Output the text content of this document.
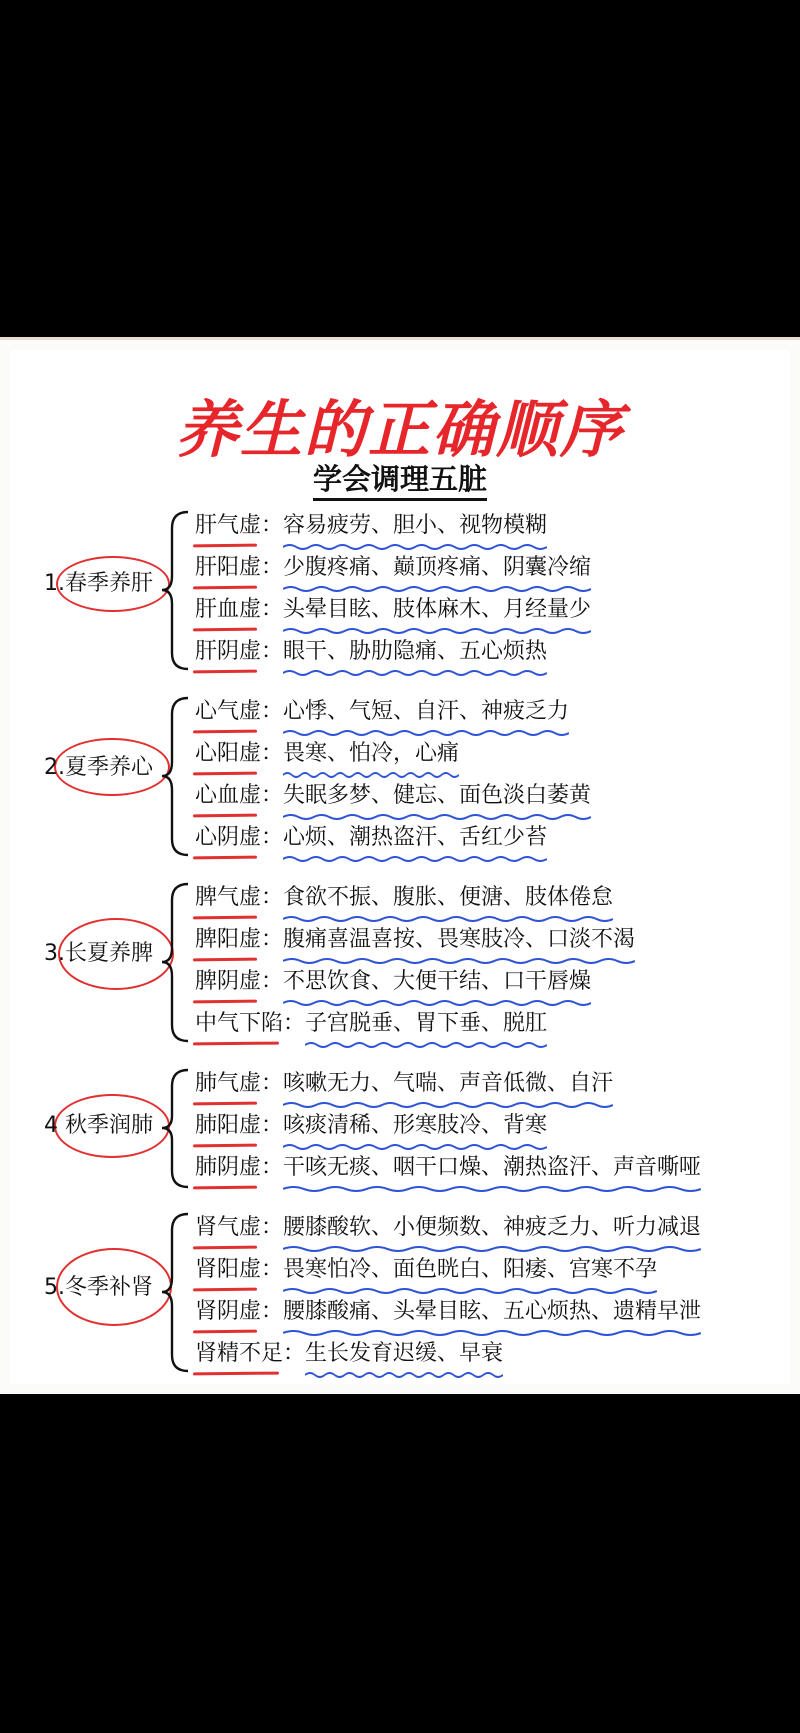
养生的正确顺序
学会调理五脏
1.春季养肝
肝气虚：容易疲劳、胆小、视物模糊
肝阳虚：少腹疼痛、巅顶疼痛、阴囊冷缩
肝血虚：头晕目眩、肢体麻木、月经量少
肝阴虚：眼干、胁肋隐痛、五心烦热
2.夏季养心
心气虚：心悸、气短、自汗、神疲乏力
心阳虚：畏寒、怕冷，心痛
心血虚：失眠多梦、健忘、面色淡白萎黄
心阴虚：心烦、潮热盗汗、舌红少苔
3.长夏养脾
脾气虚：食欲不振、腹胀、便溏、肢体倦怠
脾阳虚：腹痛喜温喜按、畏寒肢冷、口淡不渴
脾阴虚：不思饮食、大便干结、口干唇燥
中气下陷：子宫脱垂、胃下垂、脱肛
4 秋季润肺
肺气虚：咳嗽无力、气喘、声音低微、自汗
肺阳虚：咳痰清稀、形寒肢冷、背寒
肺阴虚：干咳无痰、咽干口燥、潮热盗汗、声音嘶哑
5.冬季补肾
肾气虚：腰膝酸软、小便频数、神疲乏力、听力减退
肾阳虚：畏寒怕冷、面色晄白、阳痿、宫寒不孕
肾阴虚：腰膝酸痛、头晕目眩、五心烦热、遗精早泄
肾精不足：生长发育迟缓、早衰
